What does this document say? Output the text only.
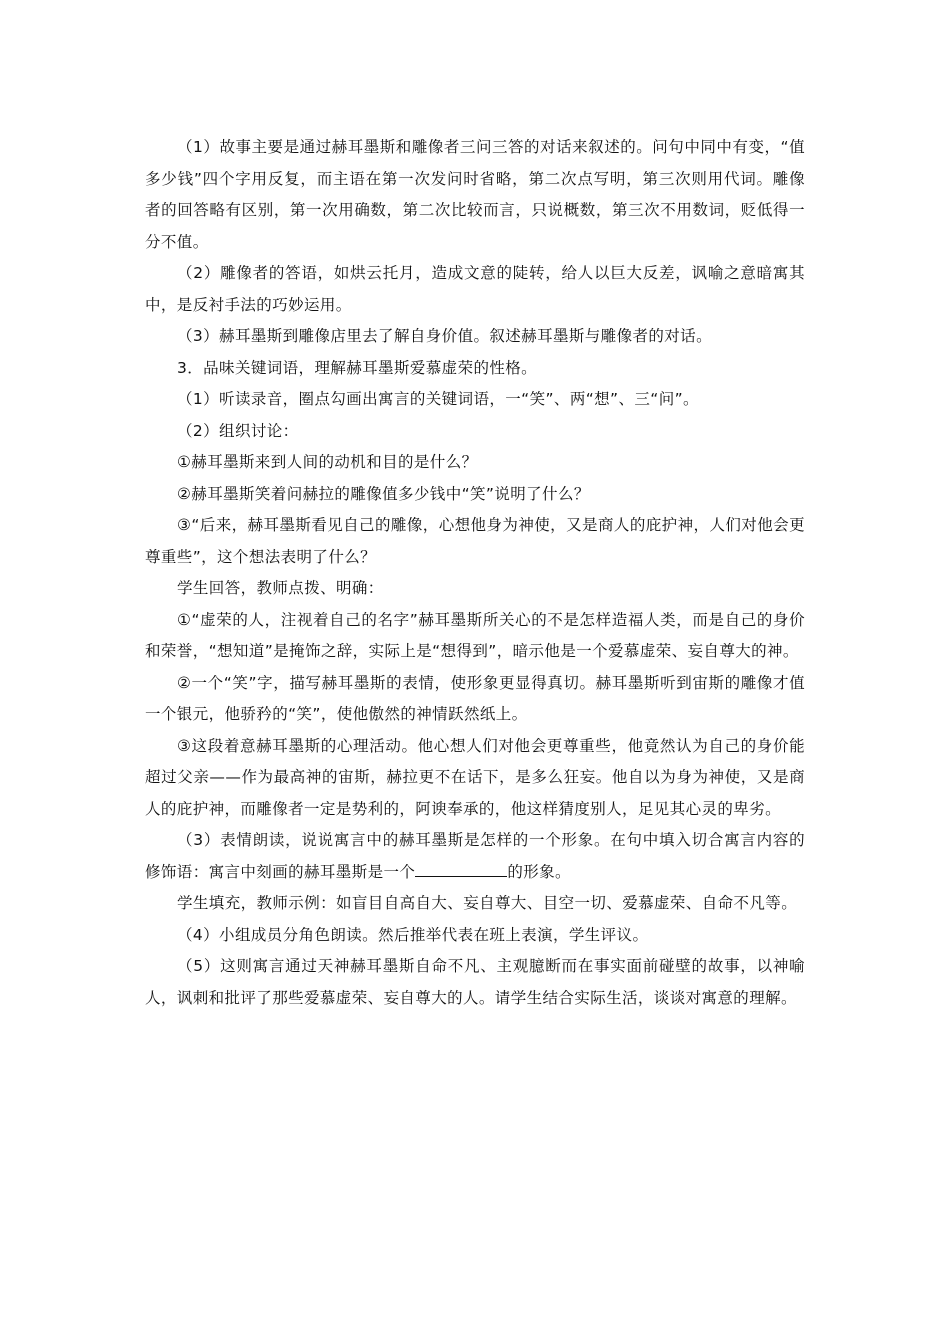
（1）故事主要是通过赫耳墨斯和雕像者三问三答的对话来叙述的。问句中同中有变，“值多少钱”四个字用反复，而主语在第一次发问时省略，第二次点写明，第三次则用代词。雕像者的回答略有区别，第一次用确数，第二次比较而言，只说概数，第三次不用数词，贬低得一分不值。

（2）雕像者的答语，如烘云托月，造成文意的陡转，给人以巨大反差，讽喻之意暗寓其中，是反衬手法的巧妙运用。

（3）赫耳墨斯到雕像店里去了解自身价值。叙述赫耳墨斯与雕像者的对话。

3．品味关键词语，理解赫耳墨斯爱慕虚荣的性格。

（1）听读录音，圈点勾画出寓言的关键词语，一“笑”、两“想”、三“问”。

（2）组织讨论：

①赫耳墨斯来到人间的动机和目的是什么？

②赫耳墨斯笑着问赫拉的雕像值多少钱中“笑”说明了什么？

③“后来，赫耳墨斯看见自己的雕像，心想他身为神使，又是商人的庇护神，人们对他会更尊重些”，这个想法表明了什么？

学生回答，教师点拨、明确：

①“虚荣的人，注视着自己的名字”赫耳墨斯所关心的不是怎样造福人类，而是自己的身价和荣誉，“想知道”是掩饰之辞，实际上是“想得到”，暗示他是一个爱慕虚荣、妄自尊大的神。

②一个“笑”字，描写赫耳墨斯的表情，使形象更显得真切。赫耳墨斯听到宙斯的雕像才值一个银元，他骄矜的“笑”，使他傲然的神情跃然纸上。

③这段着意赫耳墨斯的心理活动。他心想人们对他会更尊重些，他竟然认为自己的身价能超过父亲——作为最高神的宙斯，赫拉更不在话下，是多么狂妄。他自以为身为神使，又是商人的庇护神，而雕像者一定是势利的，阿谀奉承的，他这样猜度别人，足见其心灵的卑劣。

（3）表情朗读，说说寓言中的赫耳墨斯是怎样的一个形象。在句中填入切合寓言内容的修饰语：寓言中刻画的赫耳墨斯是一个	的形象。

学生填充，教师示例：如盲目自高自大、妄自尊大、目空一切、爱慕虚荣、自命不凡等。

（4）小组成员分角色朗读。然后推举代表在班上表演，学生评议。

（5）这则寓言通过天神赫耳墨斯自命不凡、主观臆断而在事实面前碰壁的故事，以神喻人，讽刺和批评了那些爱慕虚荣、妄自尊大的人。请学生结合实际生活，谈谈对寓意的理解。
